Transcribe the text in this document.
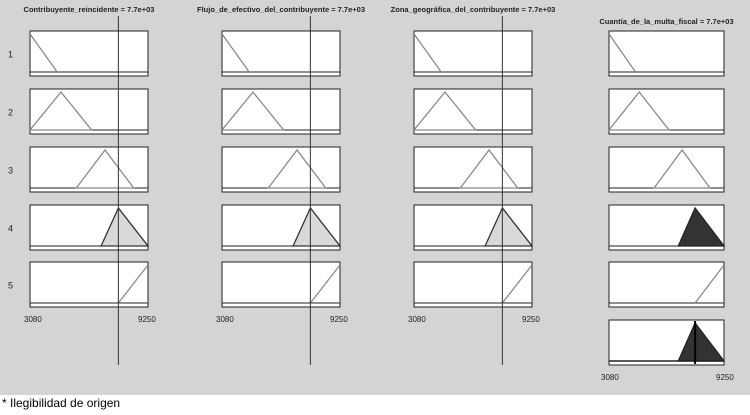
1
2
3
4
5
Contribuyente_reincidente = 7.7e+03
3080	9250
Flujo_de_efectivo_del_contribuyente = 7.7e+03
3080	9250
Zona_geográfica_del_contribuyente = 7.7e+03
3080	9250
Cuantía_de_la_multa_fiscal = 7.7e+03
3080	9250
* Ilegibilidad de origen
